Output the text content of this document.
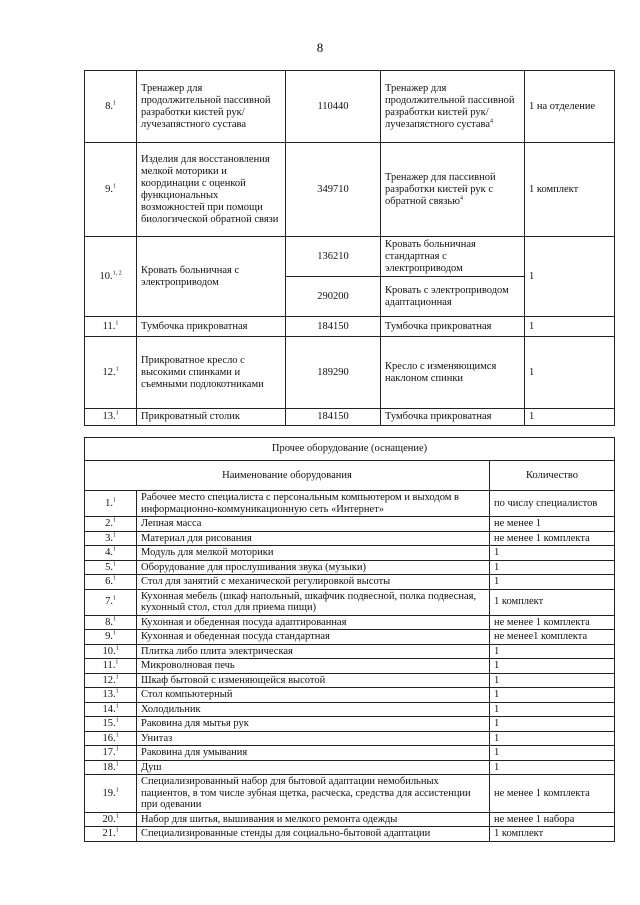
8
8.$^1$	Тренажер для продолжительной пассивной разработки кистей рук/лучезапястного сустава	110440	Тренажер для продолжительной пассивной разработки кистей рук/лучезапястного сустава$^4$	1 на отделение
9.$^1$	Изделия для восстановления мелкой моторики и координации с оценкой функциональных возможностей при помощи биологической обратной связи	349710	Тренажер для пассивной разработки кистей рук с обратной связью$^4$	1 комплект
10.$^{1, 2}$	Кровать больничная с электроприводом	136210	Кровать больничная стандартная с электроприводом	1
		290200	Кровать с электроприводом адаптационная	
11.$^1$	Тумбочка прикроватная	184150	Тумбочка прикроватная	1
12.$^1$	Прикроватное кресло с высокими спинками и съемными подлокотниками	189290	Кресло с изменяющимся наклоном спинки	1
13.$^1$	Прикроватный столик	184150	Тумбочка прикроватная	1
Прочее оборудование (оснащение)		
Наименование оборудования		Количество
1.$^1$	Рабочее место специалиста с персональным компьютером и выходом в информационно-коммуникационную сеть «Интернет»	по числу специалистов
2.$^1$	Лепная масса	не менее 1
3.$^1$	Материал для рисования	не менее 1 комплекта
4.$^1$	Модуль для мелкой моторики	1
5.$^1$	Оборудование для прослушивания звука (музыки)	1
6.$^1$	Стол для занятий с механической регулировкой высоты	1
7.$^1$	Кухонная мебель (шкаф напольный, шкафчик подвесной, полка подвесная, кухонный стол, стол для приема пищи)	1 комплект
8.$^1$	Кухонная и обеденная посуда адаптированная	не менее 1 комплекта
9.$^1$	Кухонная и обеденная посуда стандартная	не менее1 комплекта
10.$^1$	Плитка либо плита электрическая	1
11.$^1$	Микроволновая печь	1
12.$^1$	Шкаф бытовой с изменяющейся высотой	1
13.$^1$	Стол компьютерный	1
14.$^1$	Холодильник	1
15.$^1$	Раковина для мытья рук	1
16.$^1$	Унитаз	1
17.$^1$	Раковина для умывания	1
18.$^1$	Душ	1
19.$^1$	Специализированный набор для бытовой адаптации немобильных пациентов, в том числе зубная щетка, расческа, средства для ассистенции при одевании	не менее 1 комплекта
20.$^1$	Набор для шитья, вышивания и мелкого ремонта одежды	не менее 1 набора
21.$^1$	Специализированные стенды для социально-бытовой адаптации	1 комплект
